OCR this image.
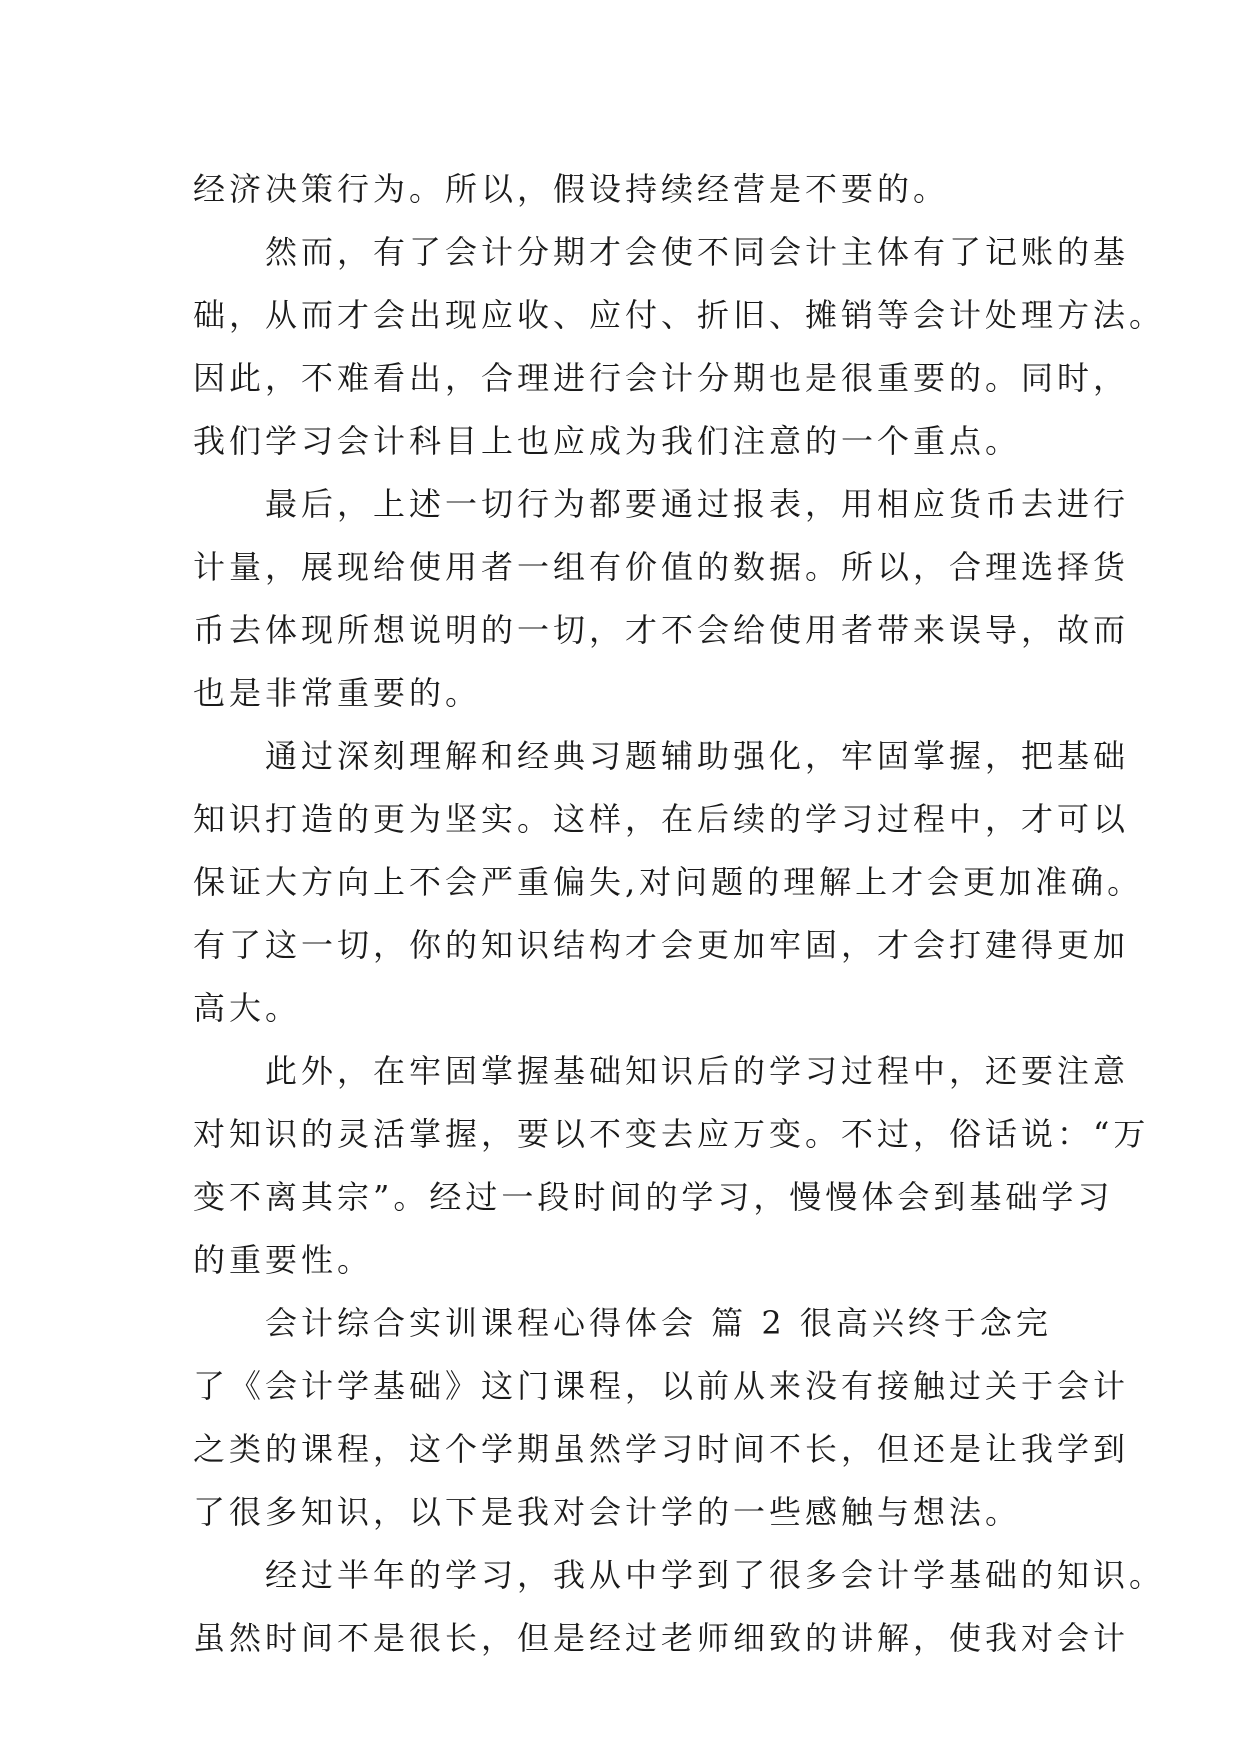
经济决策行为。所以，假设持续经营是不要的。
然而，有了会计分期才会使不同会计主体有了记账的基
础，从而才会出现应收、应付、折旧、摊销等会计处理方法。
因此，不难看出，合理进行会计分期也是很重要的。同时，
我们学习会计科目上也应成为我们注意的一个重点。
最后，上述一切行为都要通过报表，用相应货币去进行
计量，展现给使用者一组有价值的数据。所以，合理选择货
币去体现所想说明的一切，才不会给使用者带来误导，故而
也是非常重要的。
通过深刻理解和经典习题辅助强化，牢固掌握，把基础
知识打造的更为坚实。这样，在后续的学习过程中，才可以
保证大方向上不会严重偏失,对问题的理解上才会更加准确。
有了这一切，你的知识结构才会更加牢固，才会打建得更加
高大。
此外，在牢固掌握基础知识后的学习过程中，还要注意
对知识的灵活掌握，要以不变去应万变。不过，俗话说：“万
变不离其宗”。经过一段时间的学习，慢慢体会到基础学习
的重要性。
会计综合实训课程心得体会 篇 2 很高兴终于念完
了《会计学基础》这门课程，以前从来没有接触过关于会计
之类的课程，这个学期虽然学习时间不长，但还是让我学到
了很多知识，以下是我对会计学的一些感触与想法。
经过半年的学习，我从中学到了很多会计学基础的知识。
虽然时间不是很长，但是经过老师细致的讲解，使我对会计
